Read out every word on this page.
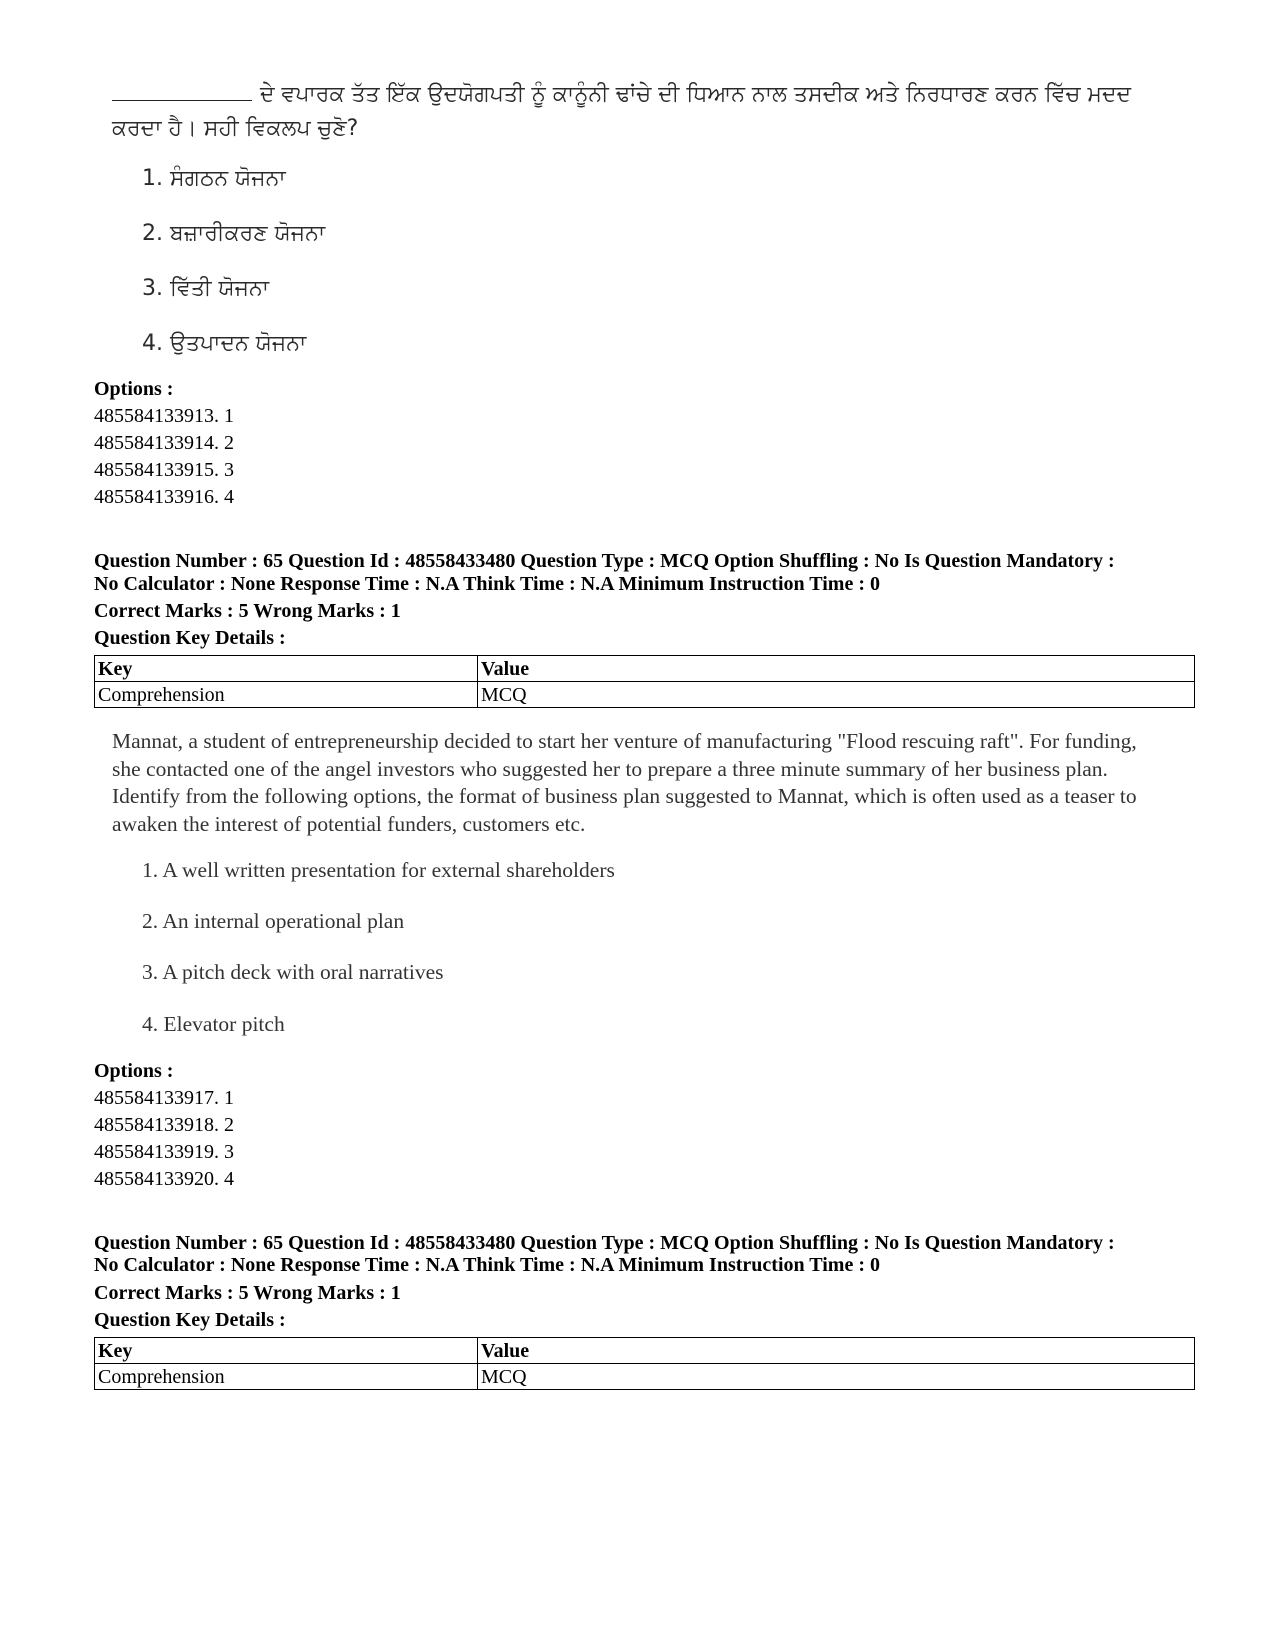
ਦੇ ਵਪਾਰਕ ਤੱਤ ਇੱਕ ਉਦਯੋਗਪਤੀ ਨੂੰ ਕਾਨੂੰਨੀ ਢਾਂਚੇ ਦੀ ਧਿਆਨ ਨਾਲ ਤਸਦੀਕ ਅਤੇ ਨਿਰਧਾਰਣ ਕਰਨ ਵਿੱਚ ਮਦਦ ਕਰਦਾ ਹੈ। ਸਹੀ ਵਿਕਲਪ ਚੁਣੋ?
1. ਸੰਗਠਨ ਯੋਜਨਾ
2. ਬਜ਼ਾਰੀਕਰਣ ਯੋਜਨਾ
3. ਵਿੱਤੀ ਯੋਜਨਾ
4. ਉਤਪਾਦਨ ਯੋਜਨਾ
Options :
485584133913. 1
485584133914. 2
485584133915. 3
485584133916. 4
Question Number : 65 Question Id : 48558433480 Question Type : MCQ Option Shuffling : No Is Question Mandatory :
No Calculator : None Response Time : N.A Think Time : N.A Minimum Instruction Time : 0
Correct Marks : 5 Wrong Marks : 1
Question Key Details :
Key	Value
Comprehension	MCQ
Mannat, a student of entrepreneurship decided to start her venture of manufacturing "Flood rescuing raft". For funding, she contacted one of the angel investors who suggested her to prepare a three minute summary of her business plan. Identify from the following options, the format of business plan suggested to Mannat, which is often used as a teaser to awaken the interest of potential funders, customers etc.
1. A well written presentation for external shareholders
2. An internal operational plan
3. A pitch deck with oral narratives
4. Elevator pitch
Options :
485584133917. 1
485584133918. 2
485584133919. 3
485584133920. 4
Question Number : 65 Question Id : 48558433480 Question Type : MCQ Option Shuffling : No Is Question Mandatory :
No Calculator : None Response Time : N.A Think Time : N.A Minimum Instruction Time : 0
Correct Marks : 5 Wrong Marks : 1
Question Key Details :
Key	Value
Comprehension	MCQ
